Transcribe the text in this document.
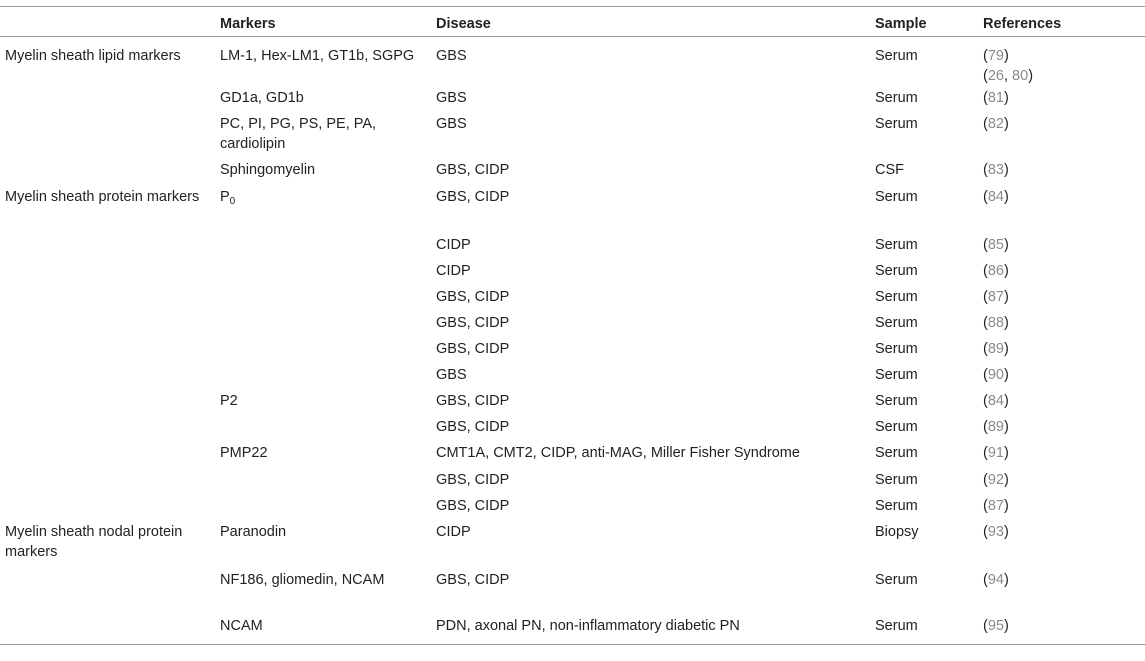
	Markers	Disease	Sample	References
Myelin sheath lipid markers	LM-1, Hex-LM1, GT1b, SGPG	GBS	Serum	(79)
(26, 80)

	GD1a, GD1b	GBS	Serum	(81)

	PC, PI, PG, PS, PE, PA, cardiolipin	GBS	Serum	(82)

	Sphingomyelin	GBS, CIDP	CSF	(83)

Myelin sheath protein markers	$P_0$	GBS, CIDP	Serum	(84)

		CIDP	Serum	(85)

		CIDP	Serum	(86)

		GBS, CIDP	Serum	(87)

		GBS, CIDP	Serum	(88)

		GBS, CIDP	Serum	(89)

		GBS	Serum	(90)

	P2	GBS, CIDP	Serum	(84)

		GBS, CIDP	Serum	(89)

	PMP22	CMT1A, CMT2, CIDP, anti-MAG, Miller Fisher Syndrome	Serum	(91)

		GBS, CIDP	Serum	(92)

		GBS, CIDP	Serum	(87)

Myelin sheath nodal protein markers	Paranodin	CIDP	Biopsy	(93)

	NF186, gliomedin, NCAM	GBS, CIDP	Serum	(94)

	NCAM	PDN, axonal PN, non-inflammatory diabetic PN	Serum	(95)
